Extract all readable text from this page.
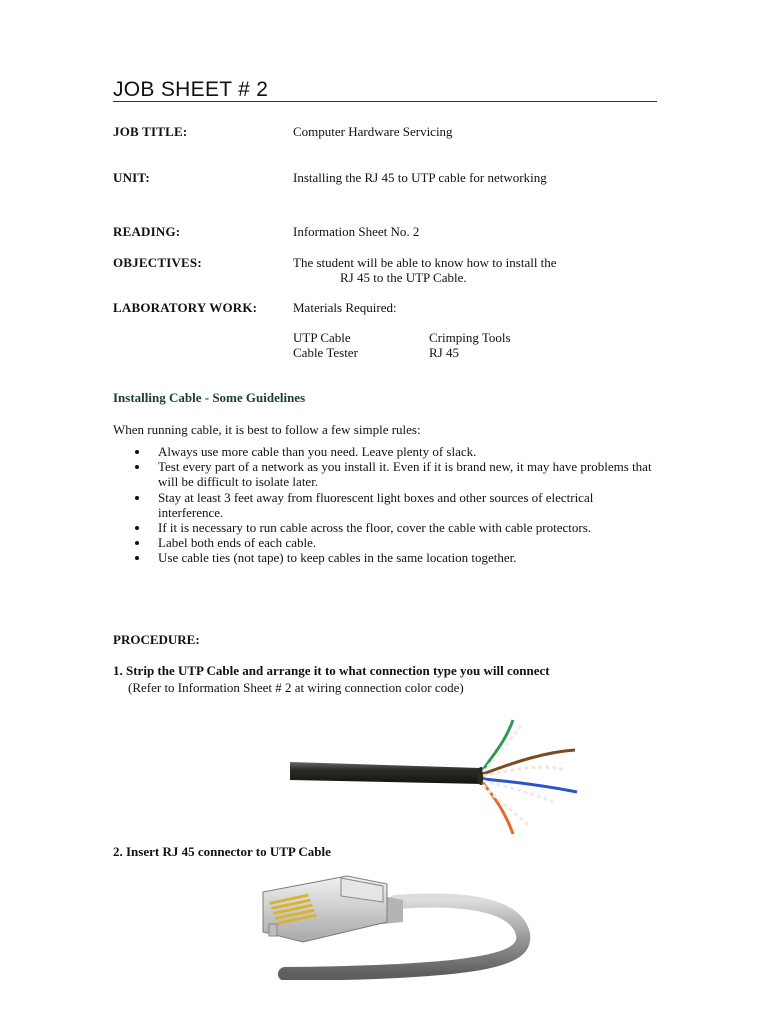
JOB SHEET # 2
JOB TITLE:	Computer Hardware Servicing
UNIT:	Installing the RJ 45 to UTP cable for networking
READING:	Information Sheet No. 2
OBJECTIVES:	The student will be able to know how to install the
RJ 45 to the UTP Cable.
LABORATORY WORK:	Materials Required:
UTP Cable	Crimping Tools
Cable Tester	RJ 45
Installing Cable - Some Guidelines
When running cable, it is best to follow a few simple rules:
Always use more cable than you need. Leave plenty of slack.
Test every part of a network as you install it. Even if it is brand new, it may have problems that will be difficult to isolate later.
Stay at least 3 feet away from fluorescent light boxes and other sources of electrical interference.
If it is necessary to run cable across the floor, cover the cable with cable protectors.
Label both ends of each cable.
Use cable ties (not tape) to keep cables in the same location together.
PROCEDURE:
1. Strip the UTP Cable and arrange it to what connection type you will connect
(Refer to Information Sheet # 2 at wiring connection color code)
2. Insert RJ 45 connector to UTP Cable
